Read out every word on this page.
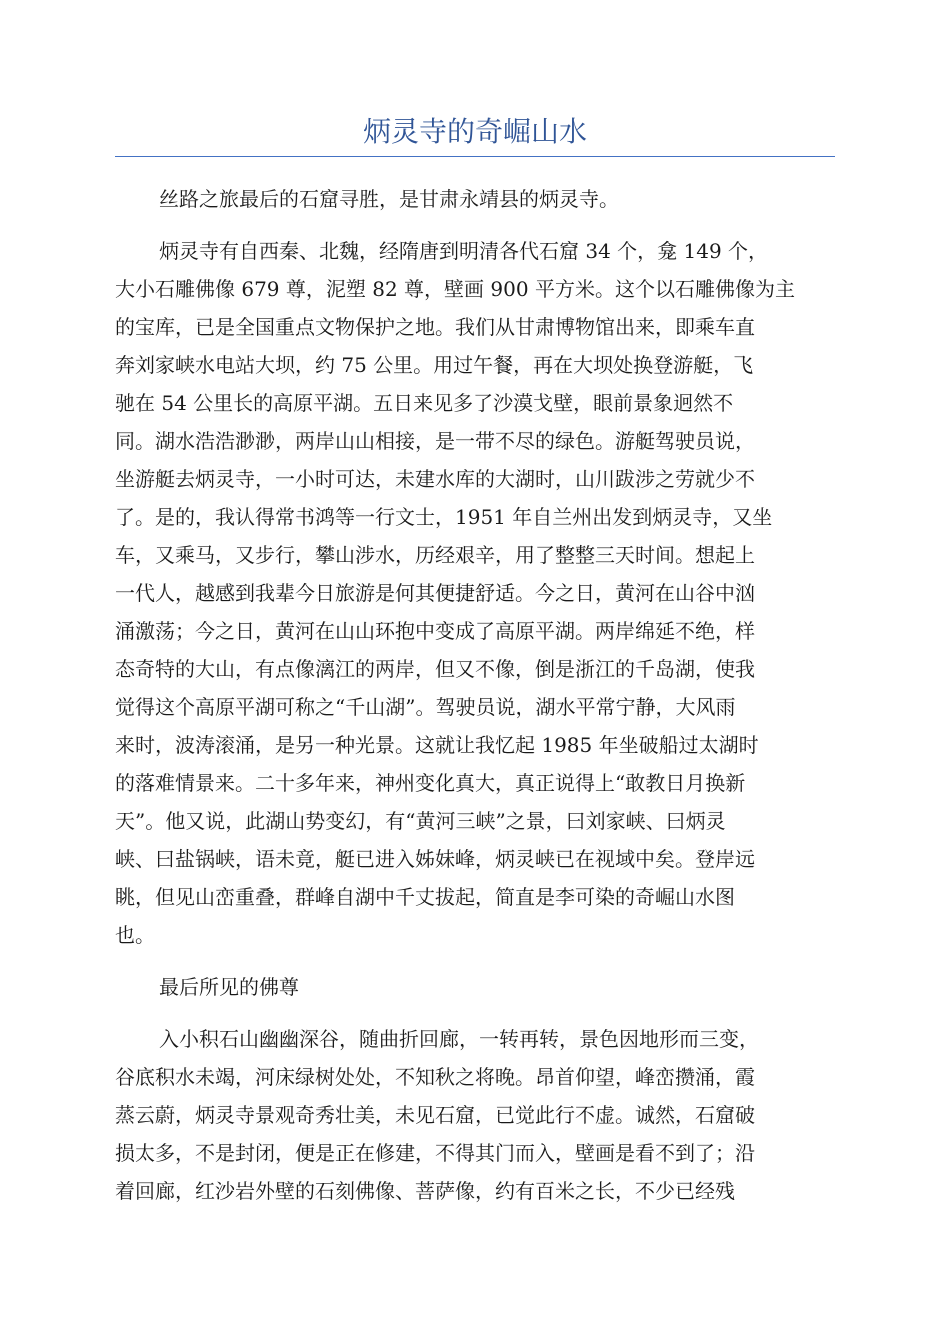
炳灵寺的奇崛山水
丝路之旅最后的石窟寻胜，是甘肃永靖县的炳灵寺。
炳灵寺有自西秦、北魏，经隋唐到明清各代石窟 34 个，龛 149 个，
大小石雕佛像 679 尊，泥塑 82 尊，壁画 900 平方米。这个以石雕佛像为主
的宝库，已是全国重点文物保护之地。我们从甘肃博物馆出来，即乘车直
奔刘家峡水电站大坝，约 75 公里。用过午餐，再在大坝处换登游艇，飞
驰在 54 公里长的高原平湖。五日来见多了沙漠戈壁，眼前景象迥然不
同。湖水浩浩渺渺，两岸山山相接，是一带不尽的绿色。游艇驾驶员说，
坐游艇去炳灵寺，一小时可达，未建水库的大湖时，山川跋涉之劳就少不
了。是的，我认得常书鸿等一行文士，1951 年自兰州出发到炳灵寺，又坐
车，又乘马，又步行，攀山涉水，历经艰辛，用了整整三天时间。想起上
一代人，越感到我辈今日旅游是何其便捷舒适。今之日，黄河在山谷中汹
涌激荡；今之日，黄河在山山环抱中变成了高原平湖。两岸绵延不绝，样
态奇特的大山，有点像漓江的两岸，但又不像，倒是浙江的千岛湖，使我
觉得这个高原平湖可称之“千山湖”。驾驶员说，湖水平常宁静，大风雨
来时，波涛滚涌，是另一种光景。这就让我忆起 1985 年坐破船过太湖时
的落难情景来。二十多年来，神州变化真大，真正说得上“敢教日月换新
天”。他又说，此湖山势变幻，有“黄河三峡”之景，曰刘家峡、曰炳灵
峡、曰盐锅峡，语未竟，艇已进入姊妹峰，炳灵峡已在视域中矣。登岸远
眺，但见山峦重叠，群峰自湖中千丈拔起，简直是李可染的奇崛山水图
也。
最后所见的佛尊
入小积石山幽幽深谷，随曲折回廊，一转再转，景色因地形而三变，
谷底积水未竭，河床绿树处处，不知秋之将晚。昂首仰望，峰峦攒涌，霞
蒸云蔚，炳灵寺景观奇秀壮美，未见石窟，已觉此行不虚。诚然，石窟破
损太多，不是封闭，便是正在修建，不得其门而入，壁画是看不到了；沿
着回廊，红沙岩外壁的石刻佛像、菩萨像，约有百米之长，不少已经残
